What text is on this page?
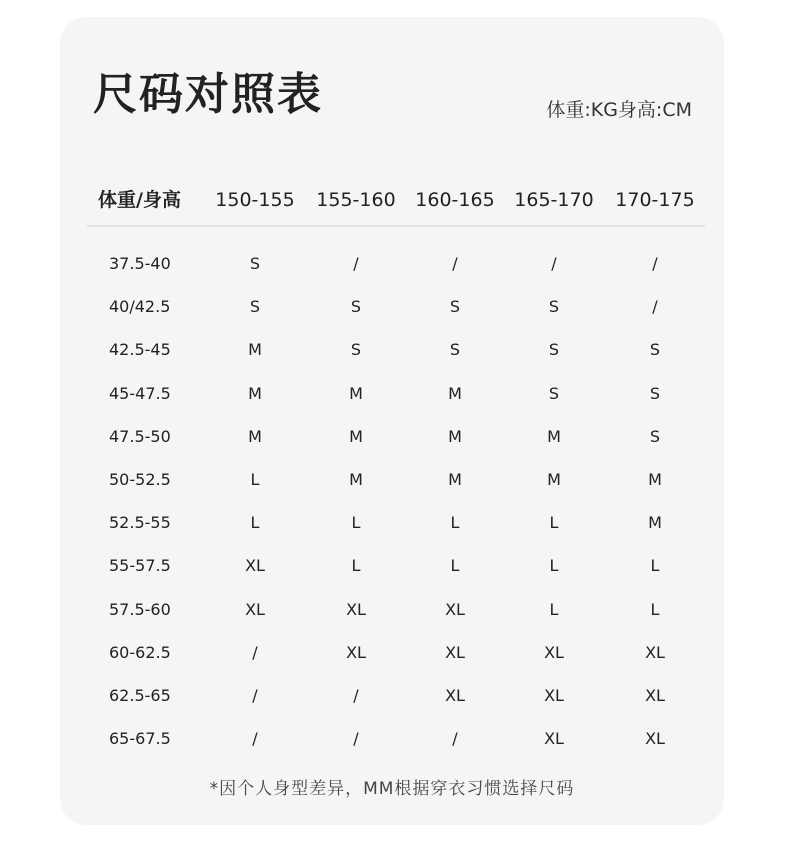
尺码对照表	体重:KG身高:CM
体重/身高	150-155	155-160	160-165	165-170	170-175
37.5-40	S	/	/	/	/
40/42.5	S	S	S	S	/
42.5-45	M	S	S	S	S
45-47.5	M	M	M	S	S
47.5-50	M	M	M	M	S
50-52.5	L	M	M	M	M
52.5-55	L	L	L	L	M
55-57.5	XL	L	L	L	L
57.5-60	XL	XL	XL	L	L
60-62.5	/	XL	XL	XL	XL
62.5-65	/	/	XL	XL	XL
65-67.5	/	/	/	XL	XL
*因个人身型差异，MM根据穿衣习惯选择尺码
